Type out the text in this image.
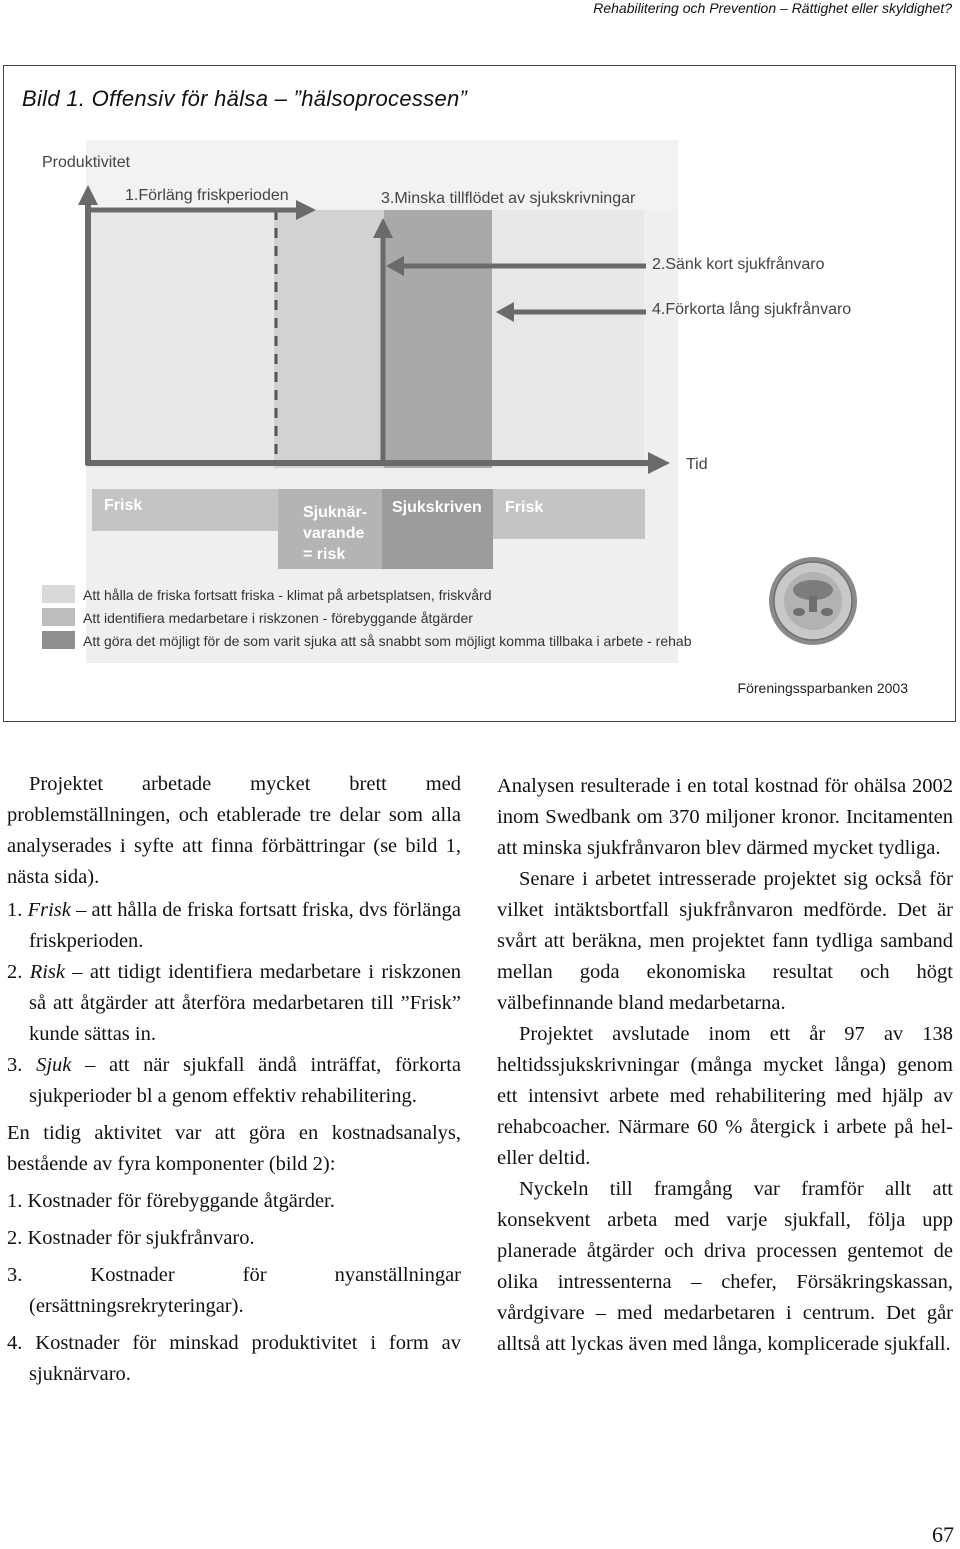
Rehabilitering och Prevention – Rättighet eller skyldighet?
Bild 1. Offensiv för hälsa – ”hälsoprocessen”
Produktivitet
1.Förläng friskperioden	3.Minska tillflödet av sjukskrivningar
2.Sänk kort sjukfrånvaro
4.Förkorta lång sjukfrånvaro
Tid
Frisk	Sjuknär-
varande
= risk
Sjukskriven Frisk
Att hålla de friska fortsatt friska - klimat på arbetsplatsen, friskvård
Att identifiera medarbetare i riskzonen - förebyggande åtgärder
Att göra det möjligt för de som varit sjuka att så snabbt som möjligt komma tillbaka i arbete - rehab
Föreningssparbanken 2003

Projektet arbetade mycket brett med problemställningen, och etablerade tre delar som alla analyserades i syfte att finna förbättringar (se bild 1, nästa sida).

1. Frisk – att hålla de friska fortsatt friska, dvs förlänga friskperioden.

2. Risk – att tidigt identifiera medarbetare i riskzonen så att åtgärder att återföra medarbetaren till ”Frisk” kunde sättas in.

3. Sjuk – att när sjukfall ändå inträffat, förkorta sjukperioder bl a genom effektiv rehabilitering.

En tidig aktivitet var att göra en kostnadsanalys, bestående av fyra komponenter (bild 2):

1. Kostnader för förebyggande åtgärder.

2. Kostnader för sjukfrånvaro.

3. Kostnader för nyanställningar (ersättningsrekryteringar).

4. Kostnader för minskad produktivitet i form av sjuknärvaro.

Analysen resulterade i en total kostnad för ohälsa 2002 inom Swedbank om 370 miljoner kronor. Incitamenten att minska sjukfrånvaron blev därmed mycket tydliga.

Senare i arbetet intresserade projektet sig också för vilket intäktsbortfall sjukfrånvaron medförde. Det är svårt att beräkna, men projektet fann tydliga samband mellan goda ekonomiska resultat och högt välbefinnande bland medarbetarna.

Projektet avslutade inom ett år 97 av 138 heltidssjukskrivningar (många mycket långa) genom ett intensivt arbete med rehabilitering med hjälp av rehabcoacher. Närmare 60 % återgick i arbete på hel- eller deltid.

Nyckeln till framgång var framför allt att konsekvent arbeta med varje sjukfall, följa upp planerade åtgärder och driva processen gentemot de olika intressenterna – chefer, Försäkringskassan, vårdgivare – med medarbetaren i centrum. Det går alltså att lyckas även med långa, komplicerade sjukfall.

67
